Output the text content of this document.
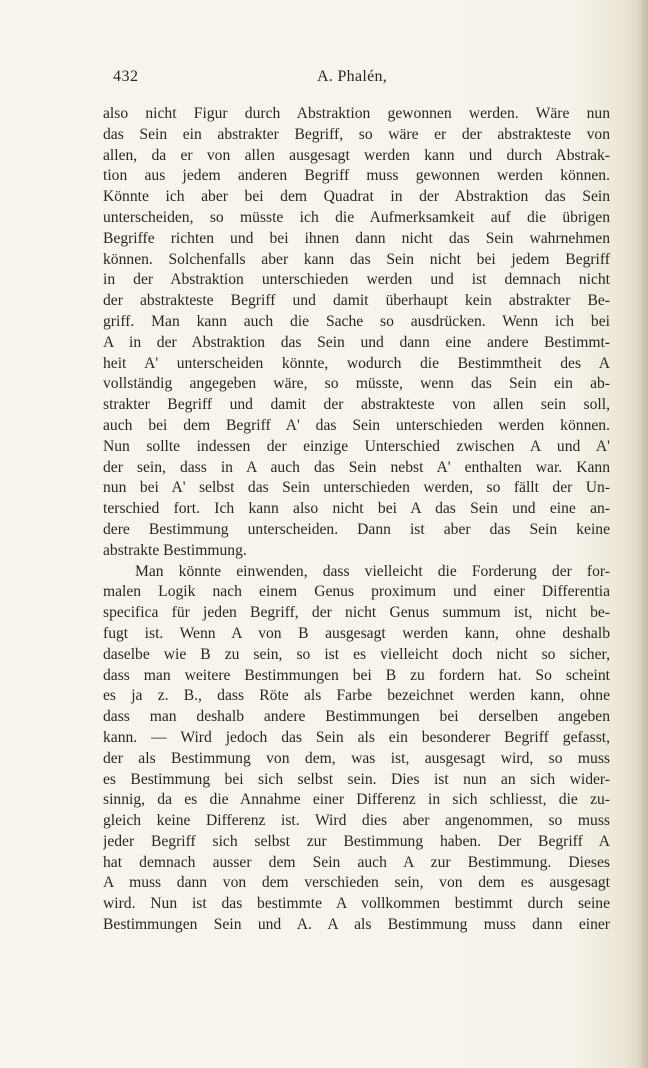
432	A. Phalén,
also nicht Figur durch Abstraktion gewonnen werden. Wäre nun
das Sein ein abstrakter Begriff, so wäre er der abstrakteste von
allen, da er von allen ausgesagt werden kann und durch Abstrak-
tion aus jedem anderen Begriff muss gewonnen werden können.
Könnte ich aber bei dem Quadrat in der Abstraktion das Sein
unterscheiden, so müsste ich die Aufmerksamkeit auf die übrigen
Begriffe richten und bei ihnen dann nicht das Sein wahrnehmen
können. Solchenfalls aber kann das Sein nicht bei jedem Begriff
in der Abstraktion unterschieden werden und ist demnach nicht
der abstrakteste Begriff und damit überhaupt kein abstrakter Be-
griff. Man kann auch die Sache so ausdrücken. Wenn ich bei
A in der Abstraktion das Sein und dann eine andere Bestimmt-
heit A' unterscheiden könnte, wodurch die Bestimmtheit des A
vollständig angegeben wäre, so müsste, wenn das Sein ein ab-
strakter Begriff und damit der abstrakteste von allen sein soll,
auch bei dem Begriff A' das Sein unterschieden werden können.
Nun sollte indessen der einzige Unterschied zwischen A und A'
der sein, dass in A auch das Sein nebst A' enthalten war. Kann
nun bei A' selbst das Sein unterschieden werden, so fällt der Un-
terschied fort. Ich kann also nicht bei A das Sein und eine an-
dere Bestimmung unterscheiden. Dann ist aber das Sein keine
abstrakte Bestimmung.
Man könnte einwenden, dass vielleicht die Forderung der for-
malen Logik nach einem Genus proximum und einer Differentia
specifica für jeden Begriff, der nicht Genus summum ist, nicht be-
fugt ist. Wenn A von B ausgesagt werden kann, ohne deshalb
daselbe wie B zu sein, so ist es vielleicht doch nicht so sicher,
dass man weitere Bestimmungen bei B zu fordern hat. So scheint
es ja z. B., dass Röte als Farbe bezeichnet werden kann, ohne
dass man deshalb andere Bestimmungen bei derselben angeben
kann. — Wird jedoch das Sein als ein besonderer Begriff gefasst,
der als Bestimmung von dem, was ist, ausgesagt wird, so muss
es Bestimmung bei sich selbst sein. Dies ist nun an sich wider-
sinnig, da es die Annahme einer Differenz in sich schliesst, die zu-
gleich keine Differenz ist. Wird dies aber angenommen, so muss
jeder Begriff sich selbst zur Bestimmung haben. Der Begriff A
hat demnach ausser dem Sein auch A zur Bestimmung. Dieses
A muss dann von dem verschieden sein, von dem es ausgesagt
wird. Nun ist das bestimmte A vollkommen bestimmt durch seine
Bestimmungen Sein und A. A als Bestimmung muss dann einer
